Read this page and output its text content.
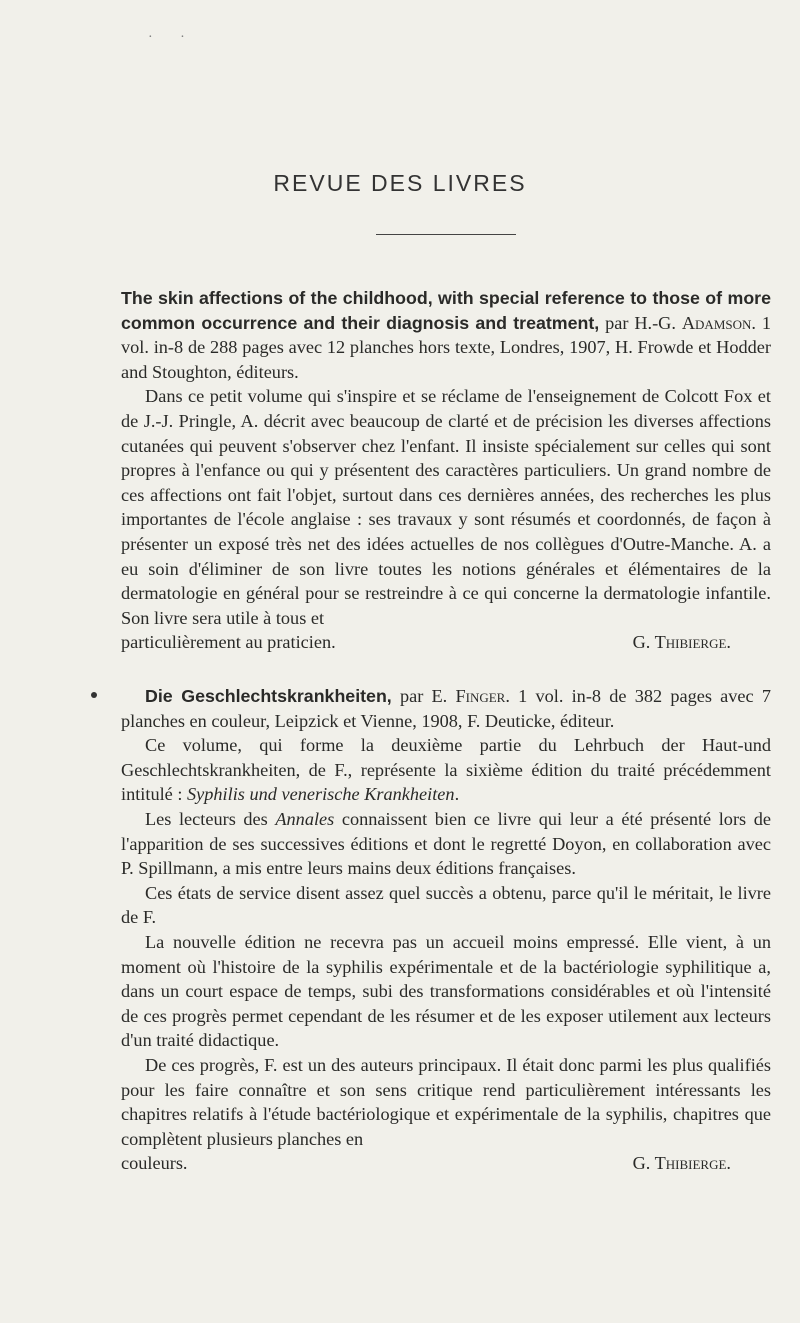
· ·
REVUE DES LIVRES

The skin affections of the childhood, with special reference to those of more common occurrence and their diagnosis and treatment, par H.-G. Adamson. 1 vol. in-8 de 288 pages avec 12 planches hors texte, Londres, 1907, H. Frowde et Hodder and Stoughton, éditeurs.

Dans ce petit volume qui s'inspire et se réclame de l'enseignement de Colcott Fox et de J.-J. Pringle, A. décrit avec beaucoup de clarté et de précision les diverses affections cutanées qui peuvent s'observer chez l'enfant. Il insiste spécialement sur celles qui sont propres à l'enfance ou qui y présentent des caractères particuliers. Un grand nombre de ces affections ont fait l'objet, surtout dans ces dernières années, des recherches les plus importantes de l'école anglaise : ses travaux y sont résumés et coordonnés, de façon à présenter un exposé très net des idées actuelles de nos collègues d'Outre-Manche. A. a eu soin d'éliminer de son livre toutes les notions générales et élémentaires de la dermatologie en général pour se restreindre à ce qui concerne la dermatologie infantile. Son livre sera utile à tous et

particulièrement au praticien.	G. Thibierge.

Die Geschlechtskrankheiten, par E. Finger. 1 vol. in-8 de 382 pages avec 7 planches en couleur, Leipzick et Vienne, 1908, F. Deuticke, éditeur.

Ce volume, qui forme la deuxième partie du Lehrbuch der Haut-und Geschlechtskrankheiten, de F., représente la sixième édition du traité précédemment intitulé : Syphilis und venerische Krankheiten.

Les lecteurs des Annales connaissent bien ce livre qui leur a été présenté lors de l'apparition de ses successives éditions et dont le regretté Doyon, en collaboration avec P. Spillmann, a mis entre leurs mains deux éditions françaises.

Ces états de service disent assez quel succès a obtenu, parce qu'il le méritait, le livre de F.

La nouvelle édition ne recevra pas un accueil moins empressé. Elle vient, à un moment où l'histoire de la syphilis expérimentale et de la bactériologie syphilitique a, dans un court espace de temps, subi des transformations considérables et où l'intensité de ces progrès permet cependant de les résumer et de les exposer utilement aux lecteurs d'un traité didactique.

De ces progrès, F. est un des auteurs principaux. Il était donc parmi les plus qualifiés pour les faire connaître et son sens critique rend particulièrement intéressants les chapitres relatifs à l'étude bactériologique et expérimentale de la syphilis, chapitres que complètent plusieurs planches en

couleurs.	G. Thibierge.
